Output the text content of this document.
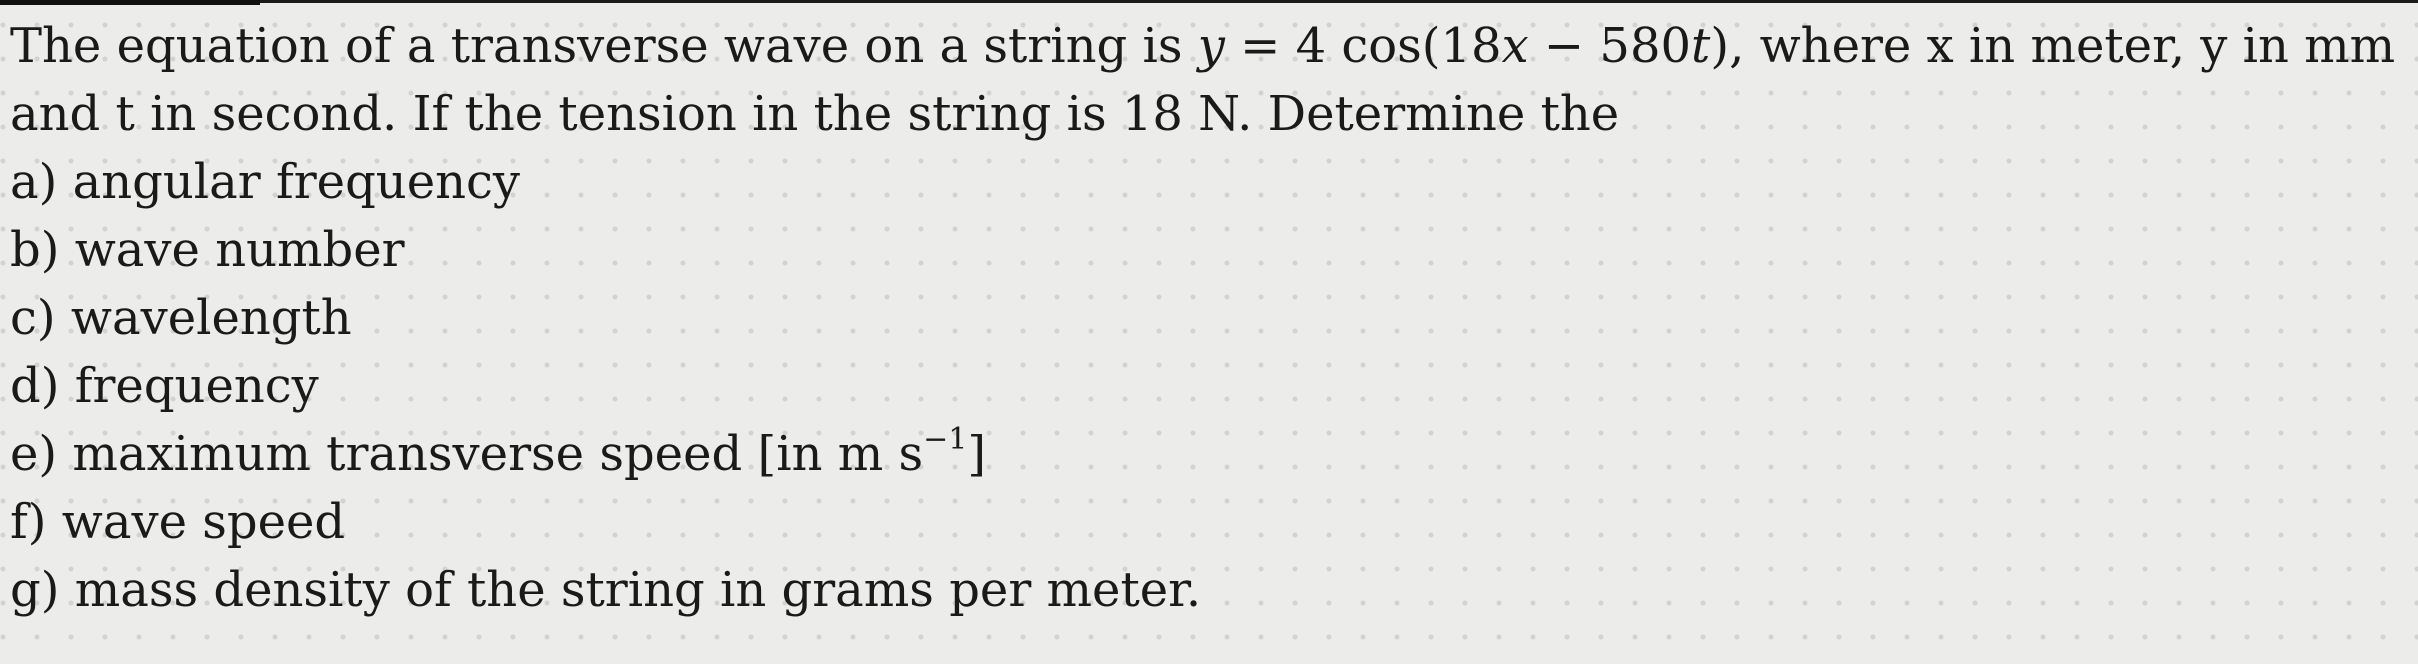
The equation of a transverse wave on a string is y = 4 cos(18x − 580t), where x in meter, y in mm

and t in second. If the tension in the string is 18 N. Determine the

a) angular frequency

b) wave number

c) wavelength

d) frequency

e) maximum transverse speed [in m $s^{-1}$]

f) wave speed

g) mass density of the string in grams per meter.
